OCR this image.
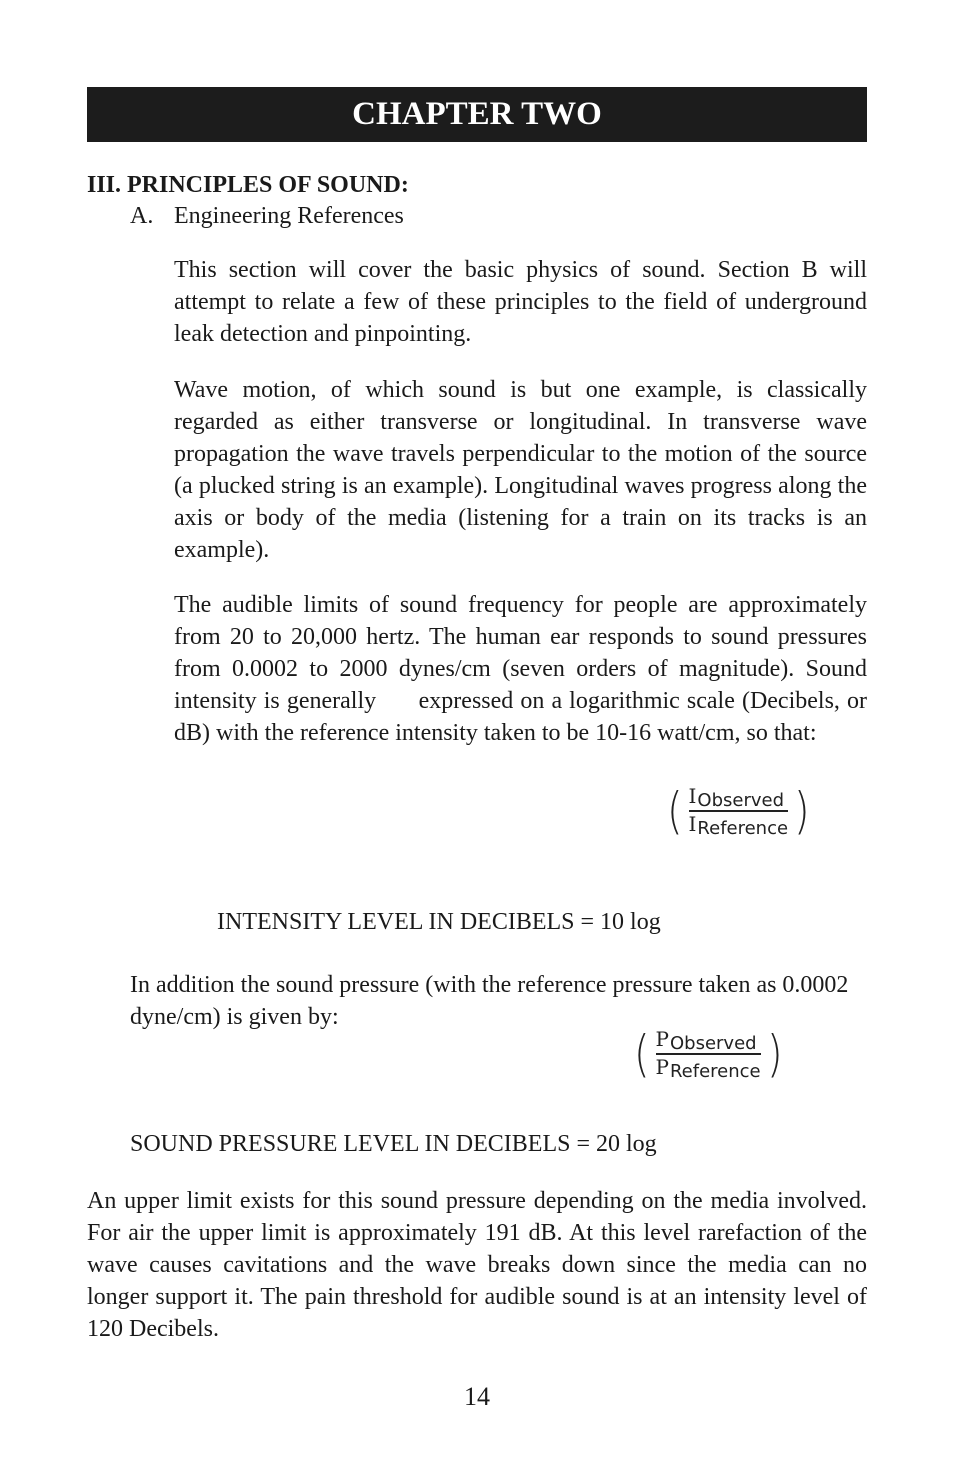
CHAPTER TWO
III. PRINCIPLES OF SOUND:
A. Engineering References

This section will cover the basic physics of sound. Section B will attempt to relate a few of these principles to the field of underground leak detection and pinpointing.

Wave motion, of which sound is but one example, is classically regarded as either transverse or longitudinal. In transverse wave propagation the wave travels perpendicular to the motion of the source (a plucked string is an example). Longitudinal waves progress along the axis or body of the media (listening for a train on its tracks is an example).

The audible limits of sound frequency for people are approximately from 20 to 20,000 hertz. The human ear responds to sound pressures from 0.0002 to 2000 dynes/cm (seven orders of magnitude). Sound intensity is generally      expressed on a logarithmic scale (Decibels, or dB) with the reference intensity taken to be 10-16 watt/cm, so that:

( $\frac{\text{I Observed}}{\text{I Reference}}$ )
INTENSITY LEVEL IN DECIBELS = 10 log

In addition the sound pressure (with the reference pressure taken as 0.0002 dyne/cm) is given by:

( $\frac{\text{P Observed}}{\text{P Reference}}$ )
SOUND PRESSURE LEVEL IN DECIBELS = 20 log

An upper limit exists for this sound pressure depending on the media involved. For air the upper limit is approximately 191 dB. At this level rarefaction of the wave causes cavitations and the wave breaks down since the media can no longer support it. The pain threshold for audible sound is at an intensity level of 120 Decibels.

14
